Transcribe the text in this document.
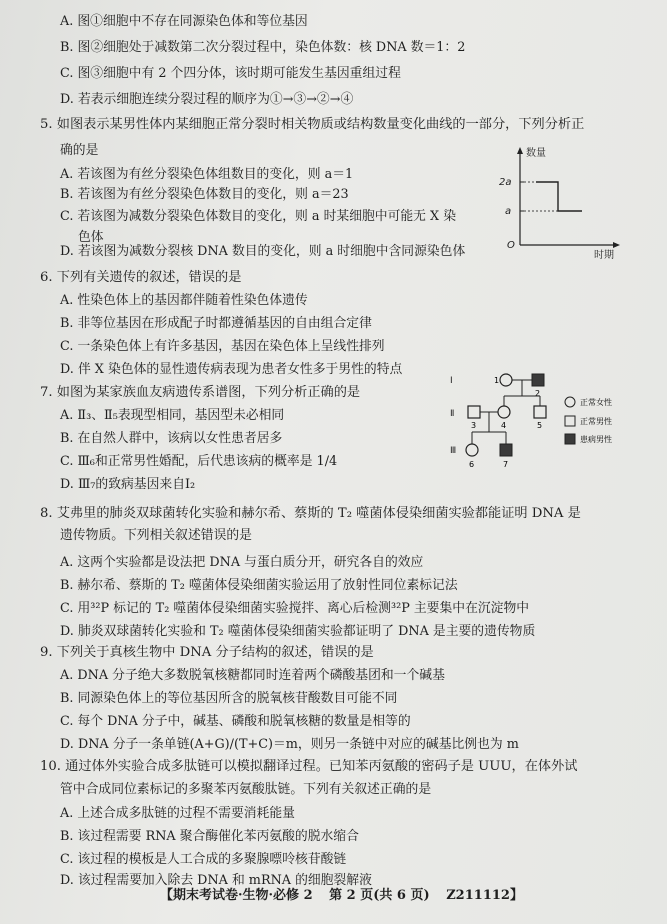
A. 图①细胞中不存在同源染色体和等位基因
B. 图②细胞处于减数第二次分裂过程中，染色体数：核 DNA 数＝1：2
C. 图③细胞中有 2 个四分体，该时期可能发生基因重组过程
D. 若表示细胞连续分裂过程的顺序为①→③→②→④
5. 如图表示某男性体内某细胞正常分裂时相关物质或结构数量变化曲线的一部分，下列分析正
确的是
A. 若该图为有丝分裂染色体组数目的变化，则 a＝1
B. 若该图为有丝分裂染色体数目的变化，则 a＝23
C. 若该图为减数分裂染色体数目的变化，则 a 时某细胞中可能无 X 染
色体
D. 若该图为减数分裂核 DNA 数目的变化，则 a 时细胞中含同源染色体
数量
时期
O
2a
a
6. 下列有关遗传的叙述，错误的是
A. 性染色体上的基因都伴随着性染色体遗传
B. 非等位基因在形成配子时都遵循基因的自由组合定律
C. 一条染色体上有许多基因，基因在染色体上呈线性排列
D. 伴 X 染色体的显性遗传病表现为患者女性多于男性的特点
7. 如图为某家族血友病遗传系谱图，下列分析正确的是
A. Ⅱ₃、Ⅱ₅表现型相同，基因型未必相同
B. 在自然人群中，该病以女性患者居多
C. Ⅲ₆和正常男性婚配，后代患该病的概率是 1/4
D. Ⅲ₇的致病基因来自Ⅰ₂
Ⅰ
Ⅱ
Ⅲ
1
2
3	4	5
6	7
正常女性
正常男性
患病男性
8. 艾弗里的肺炎双球菌转化实验和赫尔希、蔡斯的 T₂ 噬菌体侵染细菌实验都能证明 DNA 是
遗传物质。下列相关叙述错误的是
A. 这两个实验都是设法把 DNA 与蛋白质分开，研究各自的效应
B. 赫尔希、蔡斯的 T₂ 噬菌体侵染细菌实验运用了放射性同位素标记法
C. 用³²P 标记的 T₂ 噬菌体侵染细菌实验搅拌、离心后检测³²P 主要集中在沉淀物中
D. 肺炎双球菌转化实验和 T₂ 噬菌体侵染细菌实验都证明了 DNA 是主要的遗传物质
9. 下列关于真核生物中 DNA 分子结构的叙述，错误的是
A. DNA 分子绝大多数脱氧核糖都同时连着两个磷酸基团和一个碱基
B. 同源染色体上的等位基因所含的脱氧核苷酸数目可能不同
C. 每个 DNA 分子中，碱基、磷酸和脱氧核糖的数量是相等的
D. DNA 分子一条单链(A+G)/(T+C)＝m，则另一条链中对应的碱基比例也为 m
10. 通过体外实验合成多肽链可以模拟翻译过程。已知苯丙氨酸的密码子是 UUU，在体外试
管中合成同位素标记的多聚苯丙氨酸肽链。下列有关叙述正确的是
A. 上述合成多肽链的过程不需要消耗能量
B. 该过程需要 RNA 聚合酶催化苯丙氨酸的脱水缩合
C. 该过程的模板是人工合成的多聚腺嘌呤核苷酸链
D. 该过程需要加入除去 DNA 和 mRNA 的细胞裂解液
【期末考试卷·生物·必修 2 第 2 页(共 6 页) Z211112】
